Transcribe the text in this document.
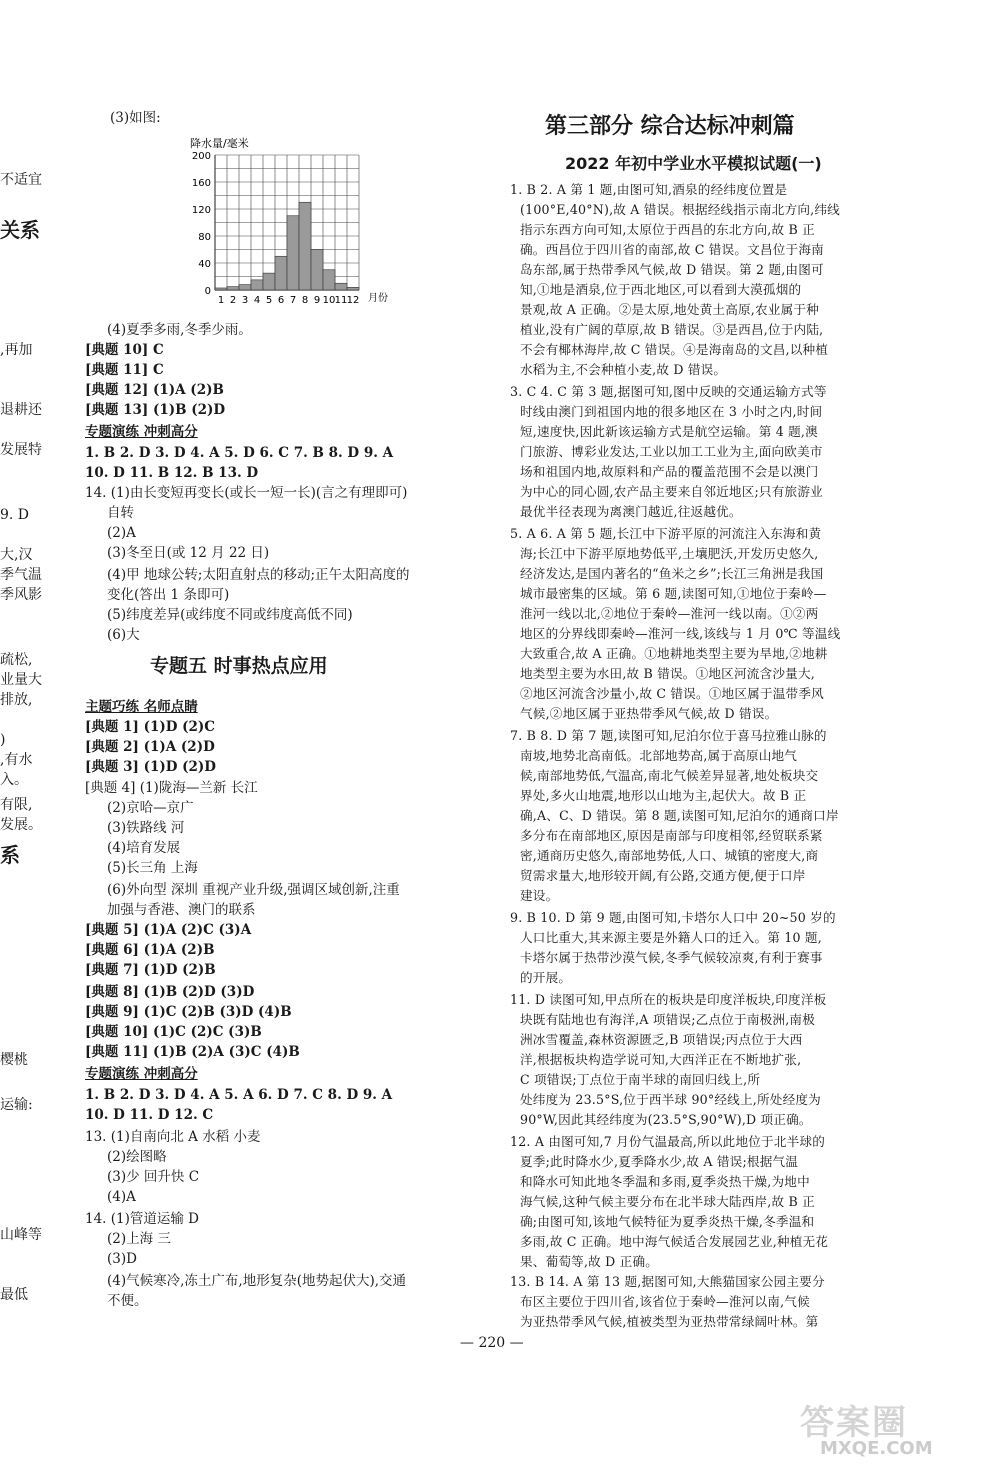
不适宜
关系
,再加
退耕还
发展特
9. D
大,汉
季气温
季风影
疏松,
业量大
排放,
)
,有水
入。
有限,
发展。
系
樱桃
运输:
山峰等
最低
降水量/毫米
月份
200
160
120
80
40
0
1 2 3 4 5 6 7 8 9 10 11 12
(3)如图:
(4)夏季多雨,冬季少雨。
[典题 10] C
[典题 11] C
[典题 12] (1)A (2)B
[典题 13] (1)B (2)D
专题演练 冲刺高分
1. B 2. D 3. D 4. A 5. D 6. C 7. B 8. D 9. A
10. D 11. B 12. B 13. D
14. (1)由长变短再变长(或长一短一长)(言之有理即可)
自转
(2)A
(3)冬至日(或 12 月 22 日)
(4)甲 地球公转;太阳直射点的移动;正午太阳高度的
变化(答出 1 条即可)
(5)纬度差异(或纬度不同或纬度高低不同)
(6)大
主题巧练 名师点睛
[典题 1] (1)D (2)C
[典题 2] (1)A (2)D
[典题 3] (1)D (2)D
[典题 4] (1)陇海—兰新 长江
(2)京哈—京广
(3)铁路线 河
(4)培育发展
(5)长三角 上海
(6)外向型 深圳 重视产业升级,强调区域创新,注重
加强与香港、澳门的联系
[典题 5] (1)A (2)C (3)A
[典题 6] (1)A (2)B
[典题 7] (1)D (2)B
[典题 8] (1)B (2)D (3)D
[典题 9] (1)C (2)B (3)D (4)B
[典题 10] (1)C (2)C (3)B
[典题 11] (1)B (2)A (3)C (4)B
专题演练 冲刺高分
1. B 2. D 3. D 4. A 5. A 6. D 7. C 8. D 9. A
10. D 11. D 12. C
13. (1)自南向北 A 水稻 小麦
(2)绘图略
(3)少 回升快 C
(4)A
14. (1)管道运输 D
(2)上海 三
(3)D
(4)气候寒冷,冻土广布,地形复杂(地势起伏大),交通
不便。
专题五 时事热点应用
第三部分 综合达标冲刺篇
2022 年初中学业水平模拟试题(一)
1. B 2. A 第 1 题,由图可知,酒泉的经纬度位置是
(100°E,40°N),故 A 错误。根据经线指示南北方向,纬线
指示东西方向可知,太原位于西昌的东北方向,故 B 正
确。西昌位于四川省的南部,故 C 错误。文昌位于海南
岛东部,属于热带季风气候,故 D 错误。第 2 题,由图可
知,①地是酒泉,位于西北地区,可以看到大漠孤烟的
景观,故 A 正确。②是太原,地处黄土高原,农业属于种
植业,没有广阔的草原,故 B 错误。③是西昌,位于内陆,
不会有椰林海岸,故 C 错误。④是海南岛的文昌,以种植
水稻为主,不会种植小麦,故 D 错误。
3. C 4. C 第 3 题,据图可知,图中反映的交通运输方式等
时线由澳门到祖国内地的很多地区在 3 小时之内,时间
短,速度快,因此新该运输方式是航空运输。第 4 题,澳
门旅游、博彩业发达,工业以加工工业为主,面向欧美市
场和祖国内地,故原料和产品的覆盖范围不会是以澳门
为中心的同心圆,农产品主要来自邻近地区;只有旅游业
最优半径表现为离澳门越近,往返越优。
5. A 6. A 第 5 题,长江中下游平原的河流注入东海和黄
海;长江中下游平原地势低平,土壤肥沃,开发历史悠久,
经济发达,是国内著名的“鱼米之乡”;长江三角洲是我国
城市最密集的区域。第 6 题,读图可知,①地位于秦岭—
淮河一线以北,②地位于秦岭—淮河一线以南。①②两
地区的分界线即秦岭—淮河一线,该线与 1 月 0℃ 等温线
大致重合,故 A 正确。①地耕地类型主要为旱地,②地耕
地类型主要为水田,故 B 错误。①地区河流含沙量大,
②地区河流含沙量小,故 C 错误。①地区属于温带季风
气候,②地区属于亚热带季风气候,故 D 错误。
7. B 8. D 第 7 题,读图可知,尼泊尔位于喜马拉雅山脉的
南坡,地势北高南低。北部地势高,属于高原山地气
候,南部地势低,气温高,南北气候差异显著,地处板块交
界处,多火山地震,地形以山地为主,起伏大。故 B 正
确,A、C、D 错误。第 8 题,读图可知,尼泊尔的通商口岸
多分布在南部地区,原因是南部与印度相邻,经贸联系紧
密,通商历史悠久,南部地势低,人口、城镇的密度大,商
贸需求量大,地形较开阔,有公路,交通方便,便于口岸
建设。
9. B 10. D 第 9 题,由图可知,卡塔尔人口中 20~50 岁的
人口比重大,其来源主要是外籍人口的迁入。第 10 题,
卡塔尔属于热带沙漠气候,冬季气候较凉爽,有利于赛事
的开展。
11. D 读图可知,甲点所在的板块是印度洋板块,印度洋板
块既有陆地也有海洋,A 项错误;乙点位于南极洲,南极
洲冰雪覆盖,森林资源匮乏,B 项错误;丙点位于大西
洋,根据板块构造学说可知,大西洋正在不断地扩张,
C 项错误;丁点位于南半球的南回归线上,所
处纬度为 23.5°S,位于西半球 90°经线上,所处经度为
90°W,因此其经纬度为(23.5°S,90°W),D 项正确。
12. A 由图可知,7 月份气温最高,所以此地位于北半球的
夏季;此时降水少,夏季降水少,故 A 错误;根据气温
和降水可知此地冬季温和多雨,夏季炎热干燥,为地中
海气候,这种气候主要分布在北半球大陆西岸,故 B 正
确;由图可知,该地气候特征为夏季炎热干燥,冬季温和
多雨,故 C 正确。地中海气候适合发展园艺业,种植无花
果、葡萄等,故 D 正确。
13. B 14. A 第 13 题,据图可知,大熊猫国家公园主要分
布区主要位于四川省,该省位于秦岭—淮河以南,气候
为亚热带季风气候,植被类型为亚热带常绿阔叶林。第
— 220 —
答案圈
MXQE.COM
